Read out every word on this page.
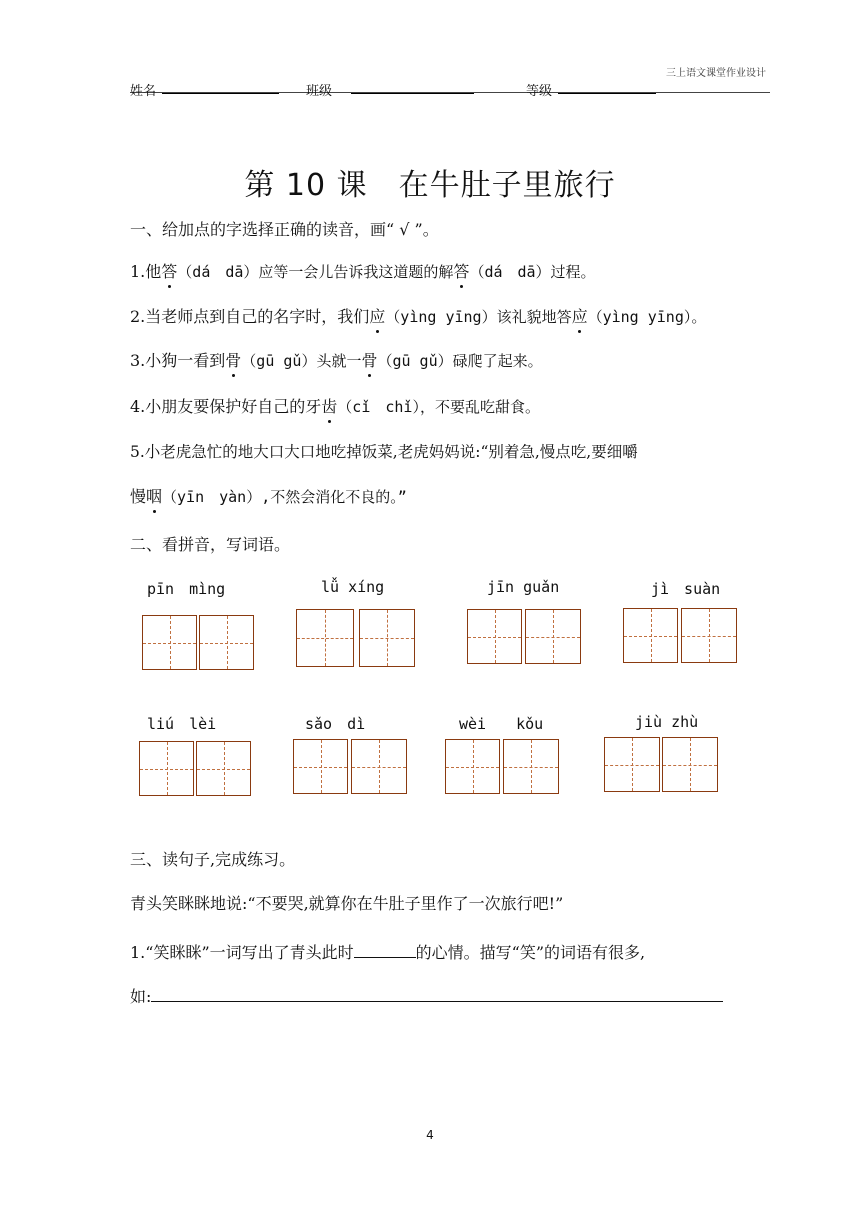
三上语文课堂作业设计
姓名	班级	等级
第 10 课　在牛肚子里旅行
一、给加点的字选择正确的读音，画“ √ ”。
1.他答（dá　dā）应等一会儿告诉我这道题的解答（dá　dā）过程。
2.当老师点到自己的名字时，我们应（yìng yīng）该礼貌地答应（yìng yīng）。
3.小狗一看到骨（gū gǔ）头就一骨（gū gǔ）碌爬了起来。
4.小朋友要保护好自己的牙齿（cǐ　chǐ），不要乱吃甜食。
5.小老虎急忙的地大口大口地吃掉饭菜,老虎妈妈说:“别着急,慢点吃,要细嚼
慢咽（yīn　yàn）,不然会消化不良的。”
二、看拼音，写词语。
pīn　mìng	lǚ xíng	jīn guǎn	jì　suàn
liú　lèi	sǎo　dì	wèi　　kǒu	jiù zhù
三、读句子,完成练习。
青头笑眯眯地说:“不要哭,就算你在牛肚子里作了一次旅行吧!”
1.“笑眯眯”一词写出了青头此时	的心情。描写“笑”的词语有很多,
如:
4
